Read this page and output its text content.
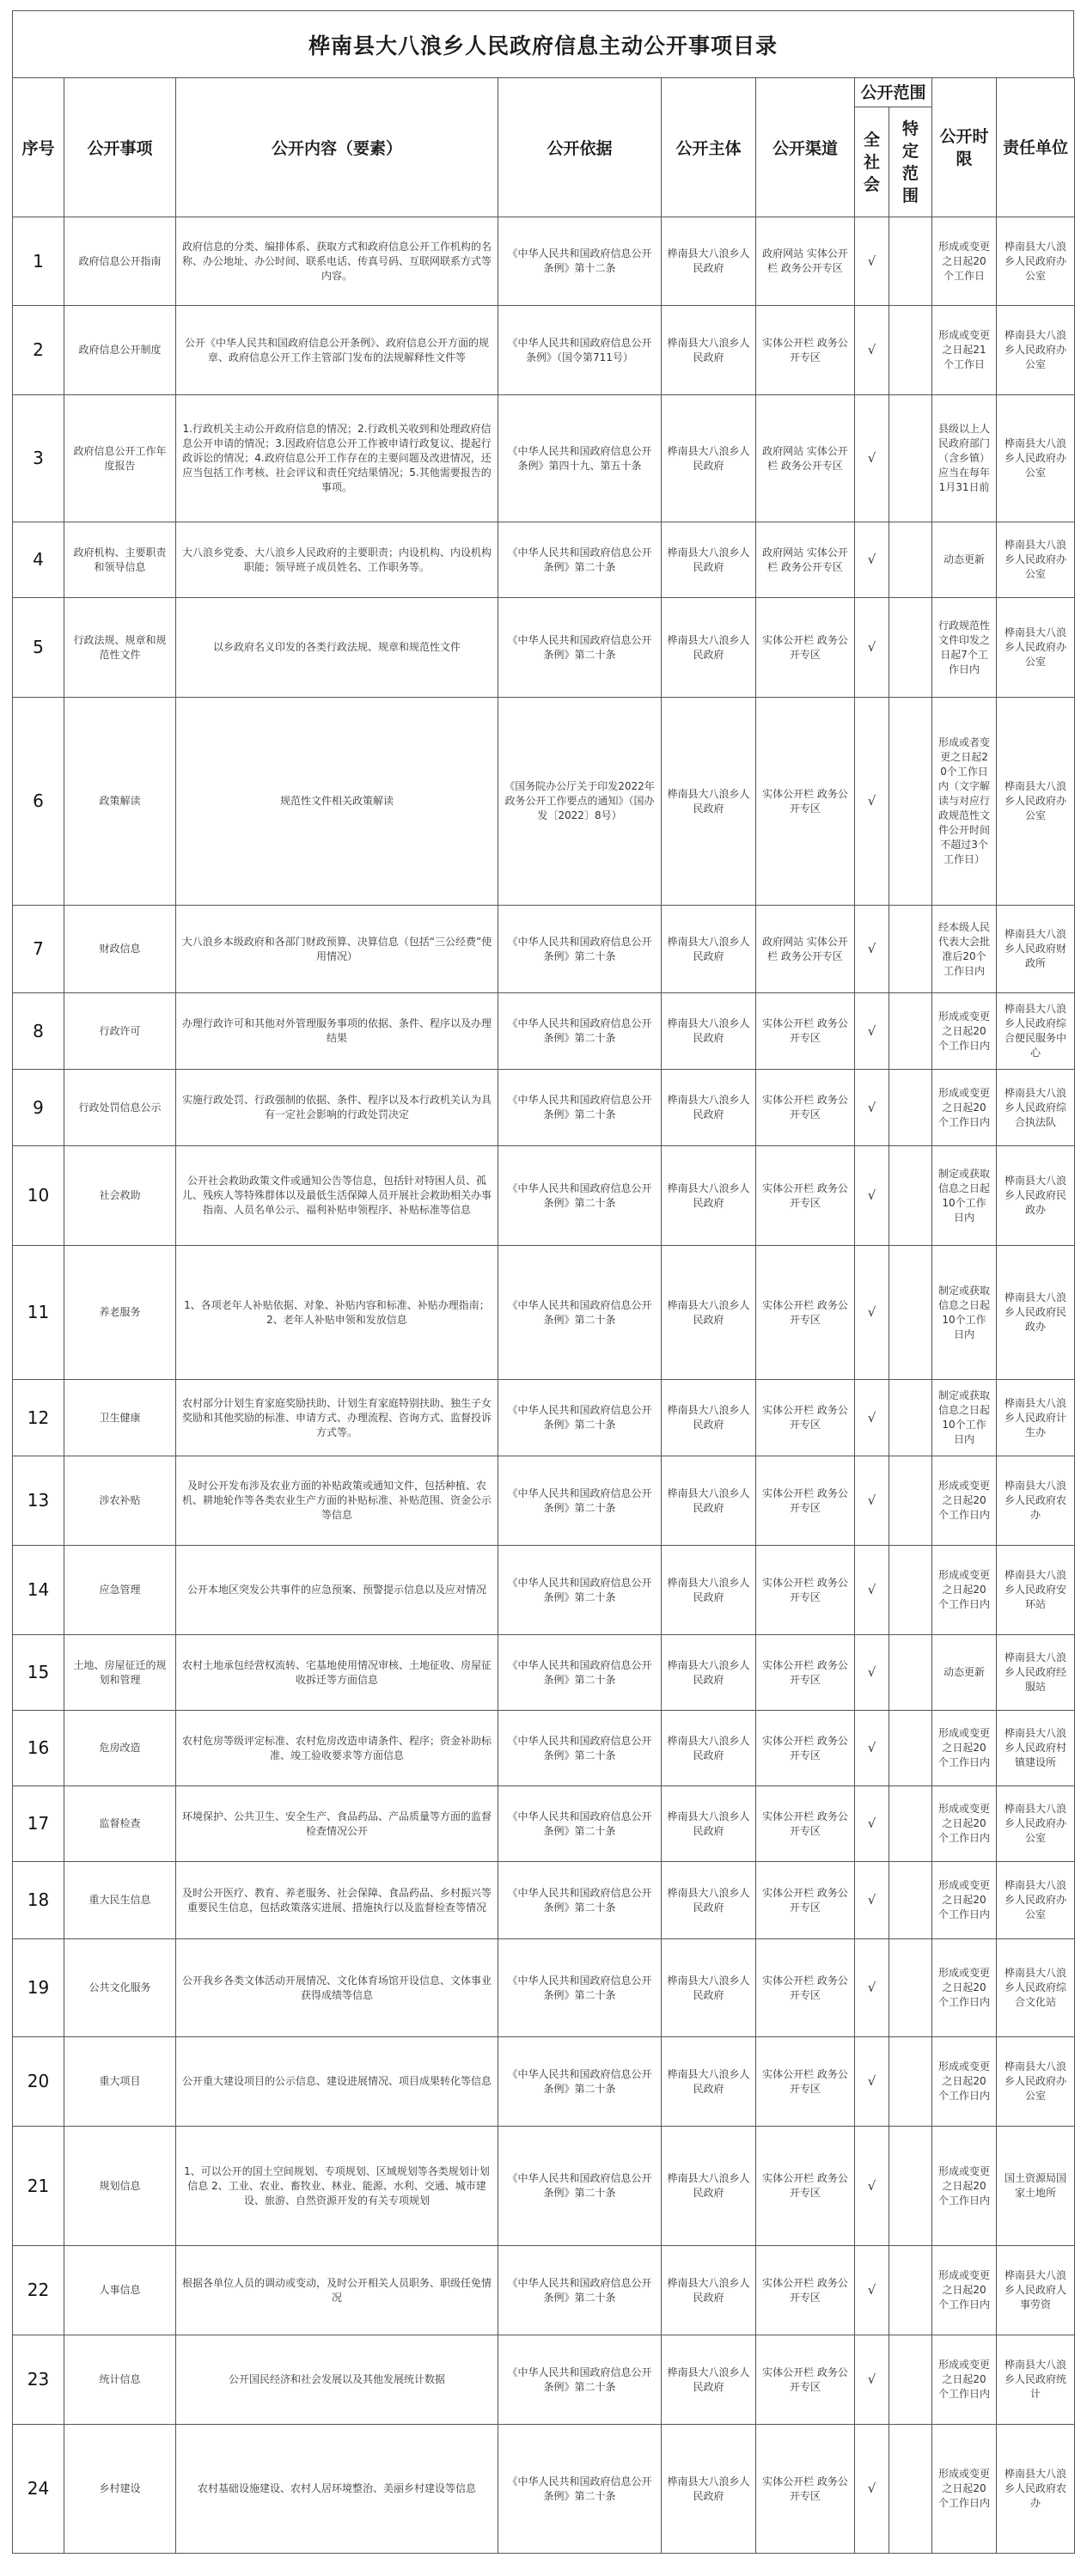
桦南县大八浪乡人民政府信息主动公开事项目录
序号	公开事项	公开内容（要素）	公开依据	公开主体	公开渠道	公开范围		公开时限	责任单位
						全社会	特定范围		
1	政府信息公开指南	政府信息的分类、编排体系、获取方式和政府信息公开工作机构的名称、办公地址、办公时间、联系电话、传真号码、互联网联系方式等内容。	《中华人民共和国政府信息公开条例》第十二条	桦南县大八浪乡人民政府	政府网站 实体公开栏 政务公开专区	√		形成或变更之日起20个工作日	桦南县大八浪乡人民政府办公室
2	政府信息公开制度	公开《中华人民共和国政府信息公开条例》、政府信息公开方面的规章、政府信息公开工作主管部门发布的法规解释性文件等	《中华人民共和国政府信息公开条例》（国令第711号）	桦南县大八浪乡人民政府	实体公开栏 政务公开专区	√		形成或变更之日起21个工作日	桦南县大八浪乡人民政府办公室
3	政府信息公开工作年度报告	1.行政机关主动公开政府信息的情况；2.行政机关收到和处理政府信息公开申请的情况；3.因政府信息公开工作被申请行政复议、提起行政诉讼的情况；4.政府信息公开工作存在的主要问题及改进情况，还应当包括工作考核、社会评议和责任究结果情况；5.其他需要报告的事项。	《中华人民共和国政府信息公开条例》第四十九、第五十条	桦南县大八浪乡人民政府	政府网站 实体公开栏 政务公开专区	√		县级以上人民政府部门（含乡镇）应当在每年1月31日前	桦南县大八浪乡人民政府办公室
4	政府机构、主要职责和领导信息	大八浪乡党委、大八浪乡人民政府的主要职责；内设机构、内设机构职能；领导班子成员姓名、工作职务等。	《中华人民共和国政府信息公开条例》第二十条	桦南县大八浪乡人民政府	政府网站 实体公开栏 政务公开专区	√		动态更新	桦南县大八浪乡人民政府办公室
5	行政法规、规章和规范性文件	以乡政府名义印发的各类行政法规、规章和规范性文件	《中华人民共和国政府信息公开条例》第二十条	桦南县大八浪乡人民政府	实体公开栏 政务公开专区	√		行政规范性文件印发之日起7个工作日内	桦南县大八浪乡人民政府办公室
6	政策解读	规范性文件相关政策解读	《国务院办公厅关于印发2022年政务公开工作要点的通知》（国办发〔2022〕8号）	桦南县大八浪乡人民政府	实体公开栏 政务公开专区	√		形成或者变更之日起20个工作日内（文字解读与对应行政规范性文件公开时间不超过3个工作日）	桦南县大八浪乡人民政府办公室
7	财政信息	大八浪乡本级政府和各部门财政预算、决算信息（包括“三公经费”使用情况）	《中华人民共和国政府信息公开条例》第二十条	桦南县大八浪乡人民政府	政府网站 实体公开栏 政务公开专区	√		经本级人民代表大会批准后20个工作日内	桦南县大八浪乡人民政府财政所
8	行政许可	办理行政许可和其他对外管理服务事项的依据、条件、程序以及办理结果	《中华人民共和国政府信息公开条例》第二十条	桦南县大八浪乡人民政府	实体公开栏 政务公开专区	√		形成或变更之日起20个工作日内	桦南县大八浪乡人民政府综合便民服务中心
9	行政处罚信息公示	实施行政处罚、行政强制的依据、条件、程序以及本行政机关认为具有一定社会影响的行政处罚决定	《中华人民共和国政府信息公开条例》第二十条	桦南县大八浪乡人民政府	实体公开栏 政务公开专区	√		形成或变更之日起20个工作日内	桦南县大八浪乡人民政府综合执法队
10	社会救助	公开社会救助政策文件或通知公告等信息，包括针对特困人员、孤儿、残疾人等特殊群体以及最低生活保障人员开展社会救助相关办事指南、人员名单公示、福利补贴申领程序、补贴标准等信息	《中华人民共和国政府信息公开条例》第二十条	桦南县大八浪乡人民政府	实体公开栏 政务公开专区	√		制定或获取信息之日起10个工作日内	桦南县大八浪乡人民政府民政办
11	养老服务	1、各项老年人补贴依据、对象、补贴内容和标准、补贴办理指南；2、老年人补贴申领和发放信息	《中华人民共和国政府信息公开条例》第二十条	桦南县大八浪乡人民政府	实体公开栏 政务公开专区	√		制定或获取信息之日起10个工作日内	桦南县大八浪乡人民政府民政办
12	卫生健康	农村部分计划生育家庭奖励扶助、计划生育家庭特别扶助、独生子女奖励和其他奖励的标准、申请方式、办理流程、咨询方式、监督投诉方式等。	《中华人民共和国政府信息公开条例》第二十条	桦南县大八浪乡人民政府	实体公开栏 政务公开专区	√		制定或获取信息之日起10个工作日内	桦南县大八浪乡人民政府计生办
13	涉农补贴	及时公开发布涉及农业方面的补贴政策或通知文件，包括种植、农机、耕地轮作等各类农业生产方面的补贴标准、补贴范围、资金公示等信息	《中华人民共和国政府信息公开条例》第二十条	桦南县大八浪乡人民政府	实体公开栏 政务公开专区	√		形成或变更之日起20个工作日内	桦南县大八浪乡人民政府农办
14	应急管理	公开本地区突发公共事件的应急预案、预警提示信息以及应对情况	《中华人民共和国政府信息公开条例》第二十条	桦南县大八浪乡人民政府	实体公开栏 政务公开专区	√		形成或变更之日起20个工作日内	桦南县大八浪乡人民政府安环站
15	土地、房屋征迁的规划和管理	农村土地承包经营权流转、宅基地使用情况审核、土地征收、房屋征收拆迁等方面信息	《中华人民共和国政府信息公开条例》第二十条	桦南县大八浪乡人民政府	实体公开栏 政务公开专区	√		动态更新	桦南县大八浪乡人民政府经服站
16	危房改造	农村危房等级评定标准、农村危房改造申请条件、程序；资金补助标准、竣工验收要求等方面信息	《中华人民共和国政府信息公开条例》第二十条	桦南县大八浪乡人民政府	实体公开栏 政务公开专区	√		形成或变更之日起20个工作日内	桦南县大八浪乡人民政府村镇建设所
17	监督检查	环境保护、公共卫生、安全生产、食品药品、产品质量等方面的监督检查情况公开	《中华人民共和国政府信息公开条例》第二十条	桦南县大八浪乡人民政府	实体公开栏 政务公开专区	√		形成或变更之日起20个工作日内	桦南县大八浪乡人民政府办公室
18	重大民生信息	及时公开医疗、教育、养老服务、社会保障、食品药品、乡村振兴等重要民生信息，包括政策落实进展、措施执行以及监督检查等情况	《中华人民共和国政府信息公开条例》第二十条	桦南县大八浪乡人民政府	实体公开栏 政务公开专区	√		形成或变更之日起20个工作日内	桦南县大八浪乡人民政府办公室
19	公共文化服务	公开我乡各类文体活动开展情况、文化体育场馆开设信息、文体事业获得成绩等信息	《中华人民共和国政府信息公开条例》第二十条	桦南县大八浪乡人民政府	实体公开栏 政务公开专区	√		形成或变更之日起20个工作日内	桦南县大八浪乡人民政府综合文化站
20	重大项目	公开重大建设项目的公示信息、建设进展情况、项目成果转化等信息	《中华人民共和国政府信息公开条例》第二十条	桦南县大八浪乡人民政府	实体公开栏 政务公开专区	√		形成或变更之日起20个工作日内	桦南县大八浪乡人民政府办公室
21	规划信息	1、可以公开的国土空间规划、专项规划、区域规划等各类规划计划信息 2、工业、农业、畜牧业、林业、能源、水利、交通、城市建设、旅游、自然资源开发的有关专项规划	《中华人民共和国政府信息公开条例》第二十条	桦南县大八浪乡人民政府	实体公开栏 政务公开专区	√		形成或变更之日起20个工作日内	国土资源局国家土地所
22	人事信息	根据各单位人员的调动或变动，及时公开相关人员职务、职级任免情况	《中华人民共和国政府信息公开条例》第二十条	桦南县大八浪乡人民政府	实体公开栏 政务公开专区	√		形成或变更之日起20个工作日内	桦南县大八浪乡人民政府人事劳资
23	统计信息	公开国民经济和社会发展以及其他发展统计数据	《中华人民共和国政府信息公开条例》第二十条	桦南县大八浪乡人民政府	实体公开栏 政务公开专区	√		形成或变更之日起20个工作日内	桦南县大八浪乡人民政府统计
24	乡村建设	农村基础设施建设、农村人居环境整治、美丽乡村建设等信息	《中华人民共和国政府信息公开条例》第二十条	桦南县大八浪乡人民政府	实体公开栏 政务公开专区	√		形成或变更之日起20个工作日内	桦南县大八浪乡人民政府农办
